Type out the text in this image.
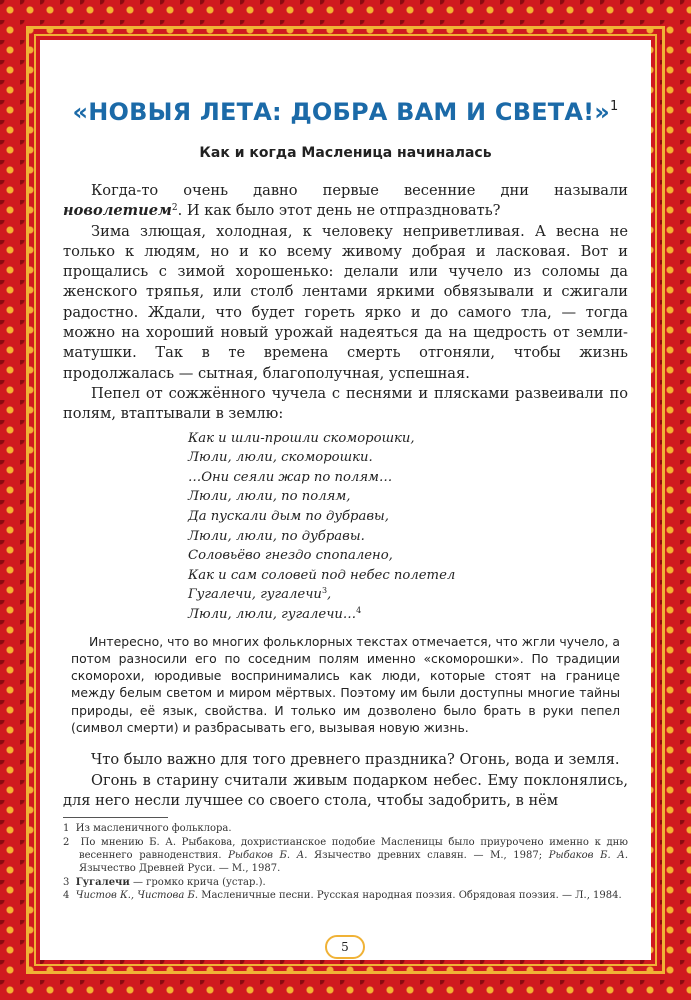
«НОВЫЯ ЛЕТА: ДОБРА ВАМ И СВЕТА!»$^1$
Как и когда Масленица начиналась

Когда-то очень давно первые весенние дни называли новолетием$^2$. И как было этот день не отпраздновать?

Зима злющая, холодная, к человеку неприветливая. А весна не только к людям, но и ко всему живому добрая и ласковая. Вот и прощались с зимой хорошенько: делали или чучело из соломы да женского тряпья, или столб лентами яркими обвязывали и сжигали радостно. Ждали, что будет гореть ярко и до самого тла, — тогда можно на хороший новый урожай надеяться да на щедрость от земли-матушки. Так в те времена смерть отгоняли, чтобы жизнь продолжалась — сытная, благополучная, успешная.

Пепел от сожжённого чучела с песнями и плясками развеивали по полям, втаптывали в землю:

Как и шли-прошли скоморошки,
Люли, люли, скоморошки.
…Они сеяли жар по полям…
Люли, люли, по полям,
Да пускали дым по дубравы,
Люли, люли, по дубравы.
Соловьёво гнездо спопалено,
Как и сам соловей под небес полетел
Гугалечи, гугалечи$^3$,
Люли, люли, гугалечи…$^4$

Интересно, что во многих фольклорных текстах отмечается, что жгли чучело, а потом разносили его по соседним полям именно «скоморошки». По традиции скоморохи, юродивые воспринимались как люди, которые стоят на границе между белым светом и миром мёртвых. Поэтому им были доступны многие тайны природы, её язык, свойства. И только им дозволено было брать в руки пепел (символ смерти) и разбрасывать его, вызывая новую жизнь.

Что было важно для того древнего праздника? Огонь, вода и земля.

Огонь в старину считали живым подарком небес. Ему поклонялись, для него несли лучшее со своего стола, чтобы задобрить, в нём

1 Из масленичного фольклора.
2 По мнению Б. А. Рыбакова, дохристианское подобие Масленицы было приурочено именно к дню весеннего равноденствия. Рыбаков Б. А. Язычество древних славян. — М., 1987; Рыбаков Б. А. Язычество Древней Руси. — М., 1987.
3 Гугалечи — громко крича (устар.).
4 Чистов К., Чистова Б. Масленичные песни. Русская народная поэзия. Обрядовая поэзия. — Л., 1984.
5
